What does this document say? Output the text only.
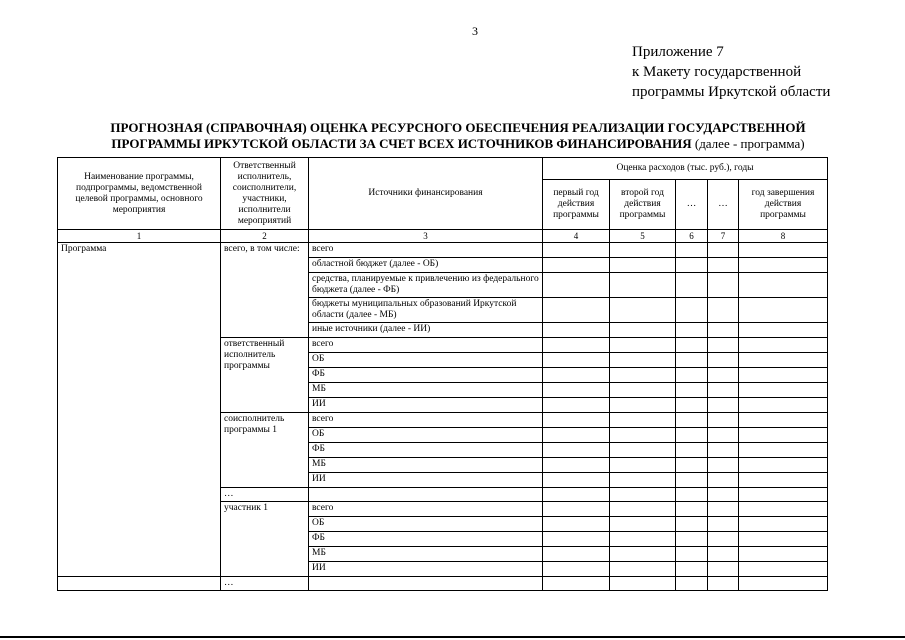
3
Приложение 7
к Макету государственной
программы Иркутской области
ПРОГНОЗНАЯ (СПРАВОЧНАЯ) ОЦЕНКА РЕСУРСНОГО ОБЕСПЕЧЕНИЯ РЕАЛИЗАЦИИ ГОСУДАРСТВЕННОЙ
ПРОГРАММЫ ИРКУТСКОЙ ОБЛАСТИ ЗА СЧЕТ ВСЕХ ИСТОЧНИКОВ ФИНАНСИРОВАНИЯ (далее - программа)
Наименование программы, подпрограммы, ведомственной целевой программы, основного мероприятия	Ответственный исполнитель, соисполнители, участники, исполнители мероприятий	Источники финансирования	Оценка расходов (тыс. руб.), годы				
			первый год действия программы	второй год действия программы	…	…	год завершения действия программы
1	2	3	4	5	6	7	8
Программа	всего, в том числе:	всего					
		областной бюджет (далее - ОБ)					
		средства, планируемые к привлечению из федерального бюджета (далее - ФБ)					
		бюджеты муниципальных образований Иркутской области (далее - МБ)					
		иные источники (далее - ИИ)					
	ответственный исполнитель программы	всего					
		ОБ					
		ФБ					
		МБ					
		ИИ					
	соисполнитель программы 1	всего					
		ОБ					
		ФБ					
		МБ					
		ИИ					
	…						
	участник 1	всего					
		ОБ					
		ФБ					
		МБ					
		ИИ					
	…						
